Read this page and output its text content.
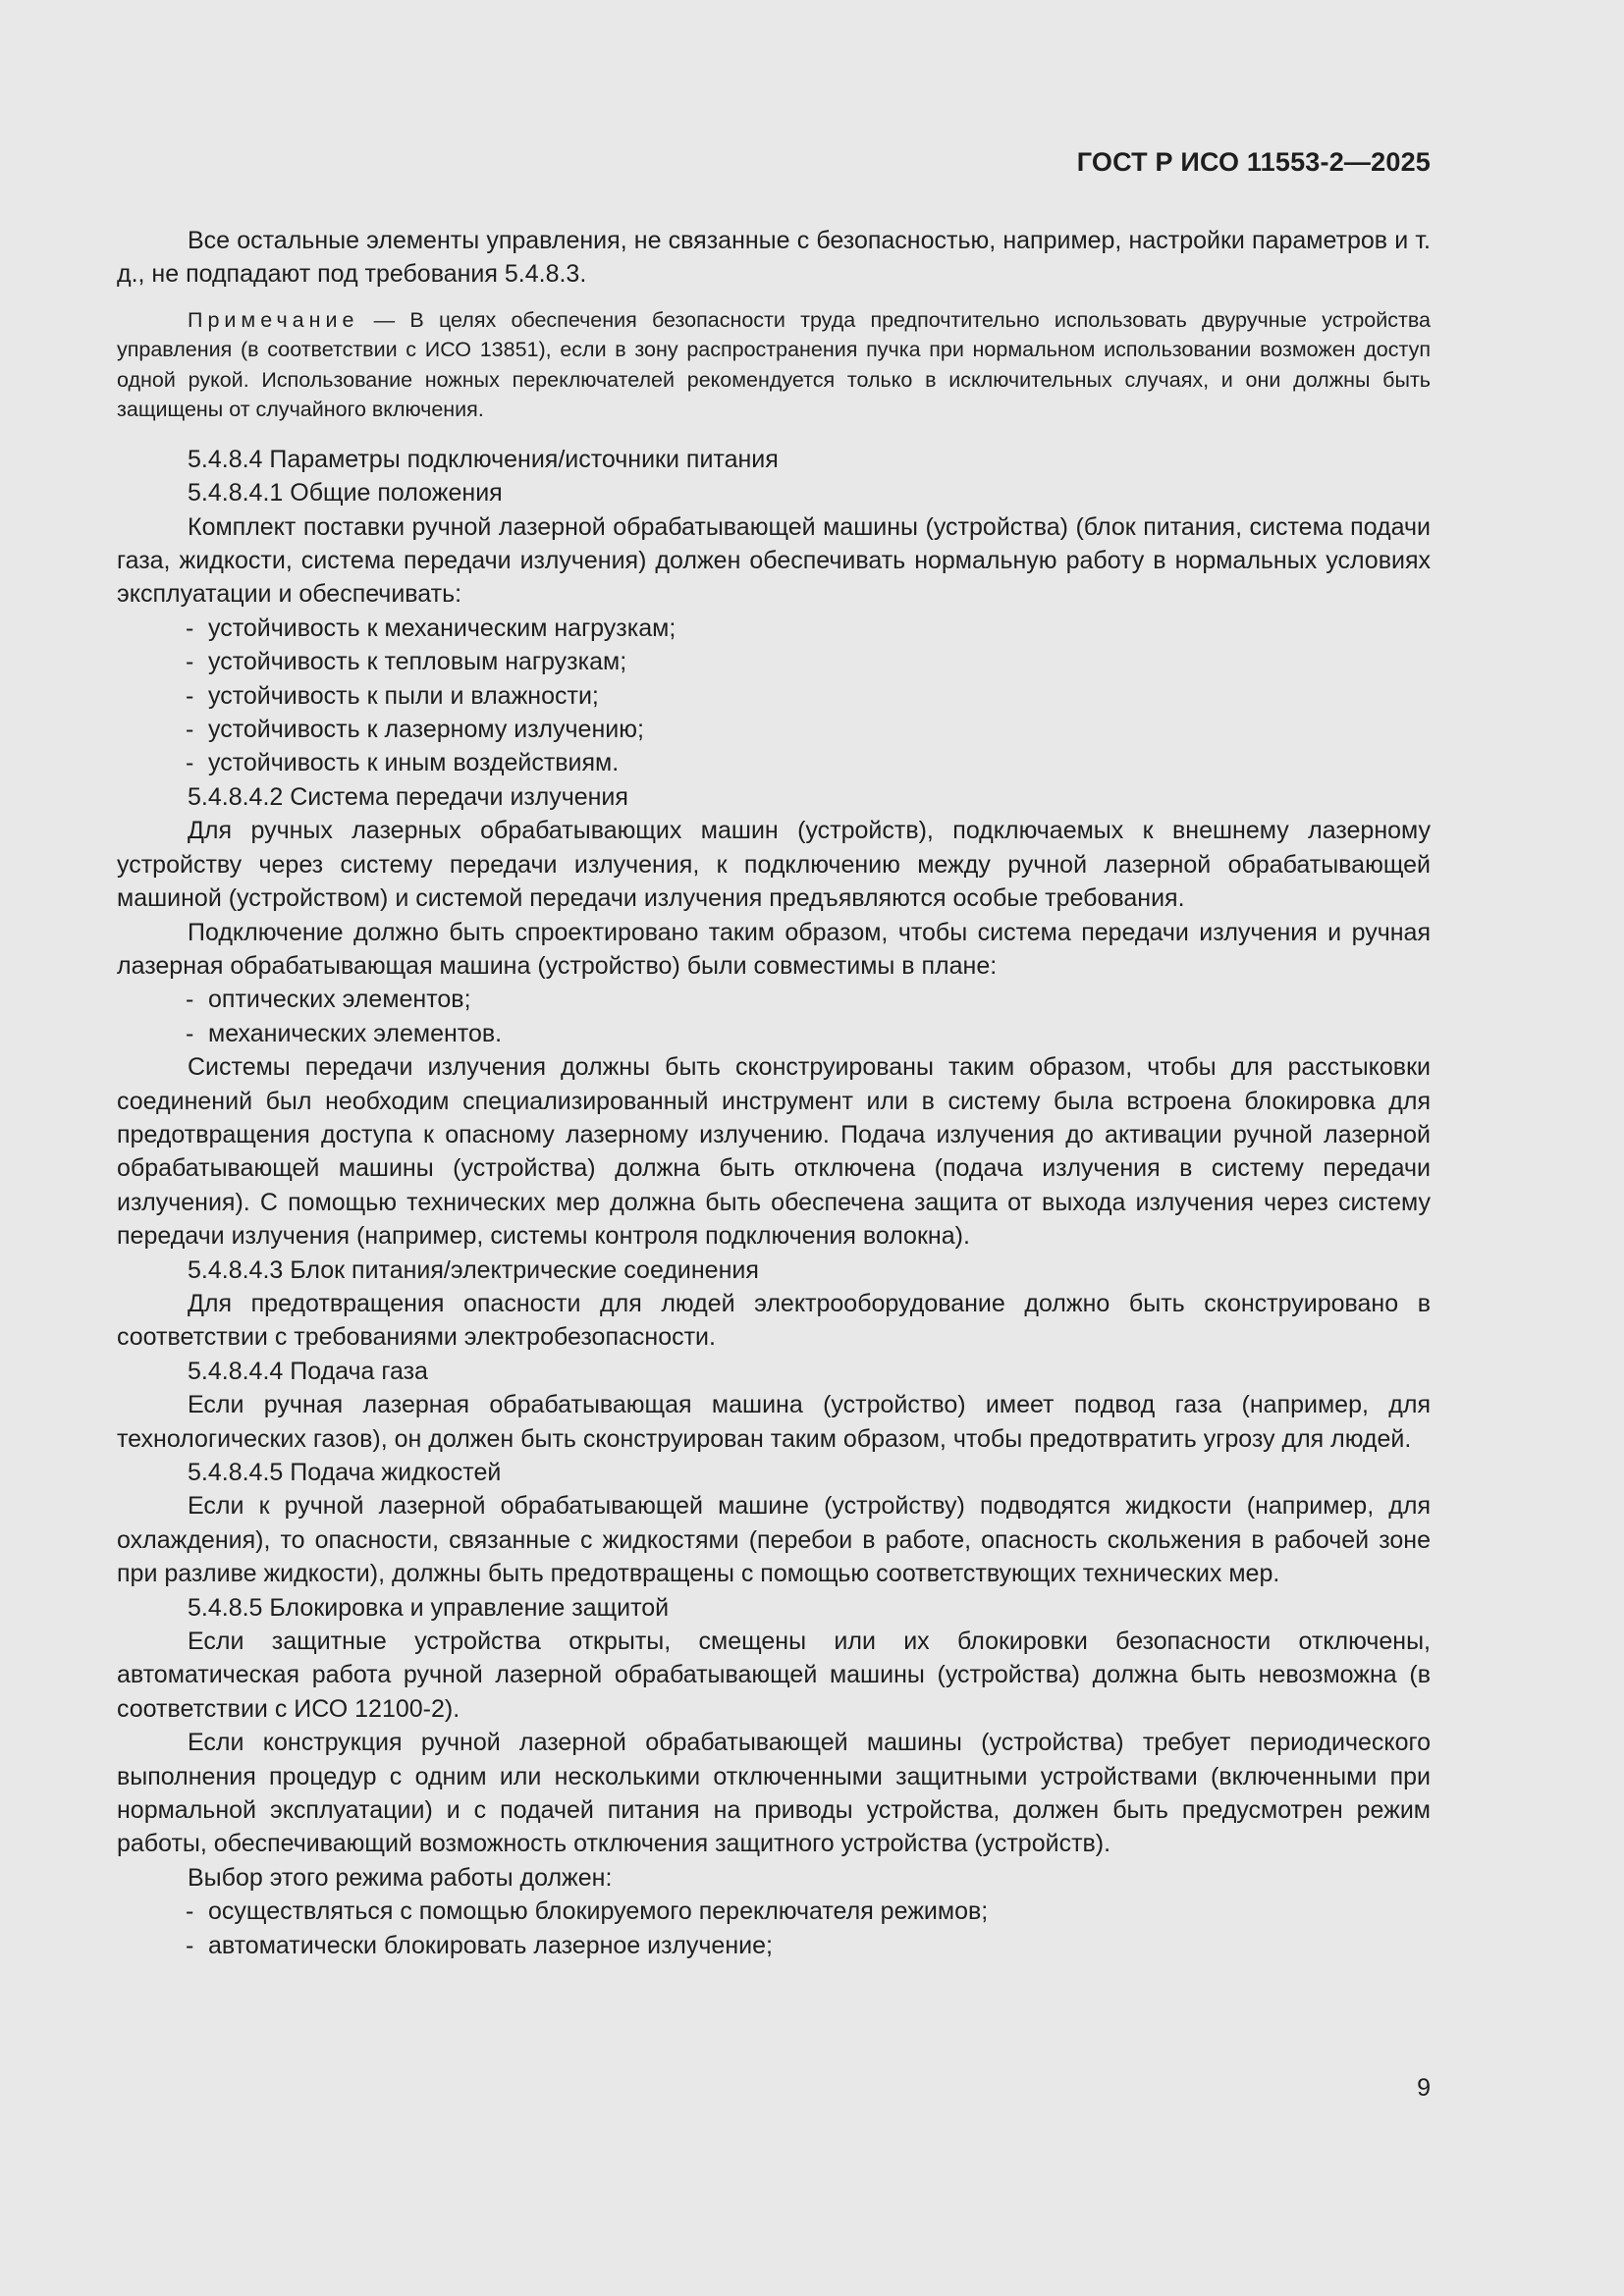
ГОСТ Р ИСО 11553-2—2025

Все остальные элементы управления, не связанные с безопасностью, например, настройки параметров и т. д., не подпадают под требования 5.4.8.3.

Примечание — В целях обеспечения безопасности труда предпочтительно использовать двуручные устройства управления (в соответствии с ИСО 13851), если в зону распространения пучка при нормальном использовании возможен доступ одной рукой. Использование ножных переключателей рекомендуется только в исключительных случаях, и они должны быть защищены от случайного включения.

5.4.8.4 Параметры подключения/источники питания

5.4.8.4.1 Общие положения

Комплект поставки ручной лазерной обрабатывающей машины (устройства) (блок питания, система подачи газа, жидкости, система передачи излучения) должен обеспечивать нормальную работу в нормальных условиях эксплуатации и обеспечивать:

- устойчивость к механическим нагрузкам;

- устойчивость к тепловым нагрузкам;

- устойчивость к пыли и влажности;

- устойчивость к лазерному излучению;

- устойчивость к иным воздействиям.

5.4.8.4.2 Система передачи излучения

Для ручных лазерных обрабатывающих машин (устройств), подключаемых к внешнему лазерному устройству через систему передачи излучения, к подключению между ручной лазерной обрабатывающей машиной (устройством) и системой передачи излучения предъявляются особые требования.

Подключение должно быть спроектировано таким образом, чтобы система передачи излучения и ручная лазерная обрабатывающая машина (устройство) были совместимы в плане:

- оптических элементов;

- механических элементов.

Системы передачи излучения должны быть сконструированы таким образом, чтобы для расстыковки соединений был необходим специализированный инструмент или в систему была встроена блокировка для предотвращения доступа к опасному лазерному излучению. Подача излучения до активации ручной лазерной обрабатывающей машины (устройства) должна быть отключена (подача излучения в систему передачи излучения). С помощью технических мер должна быть обеспечена защита от выхода излучения через систему передачи излучения (например, системы контроля подключения волокна).

5.4.8.4.3 Блок питания/электрические соединения

Для предотвращения опасности для людей электрооборудование должно быть сконструировано в соответствии с требованиями электробезопасности.

5.4.8.4.4 Подача газа

Если ручная лазерная обрабатывающая машина (устройство) имеет подвод газа (например, для технологических газов), он должен быть сконструирован таким образом, чтобы предотвратить угрозу для людей.

5.4.8.4.5 Подача жидкостей

Если к ручной лазерной обрабатывающей машине (устройству) подводятся жидкости (например, для охлаждения), то опасности, связанные с жидкостями (перебои в работе, опасность скольжения в рабочей зоне при разливе жидкости), должны быть предотвращены с помощью соответствующих технических мер.

5.4.8.5 Блокировка и управление защитой

Если защитные устройства открыты, смещены или их блокировки безопасности отключены, автоматическая работа ручной лазерной обрабатывающей машины (устройства) должна быть невозможна (в соответствии с ИСО 12100-2).

Если конструкция ручной лазерной обрабатывающей машины (устройства) требует периодического выполнения процедур с одним или несколькими отключенными защитными устройствами (включенными при нормальной эксплуатации) и с подачей питания на приводы устройства, должен быть предусмотрен режим работы, обеспечивающий возможность отключения защитного устройства (устройств).

Выбор этого режима работы должен:

- осуществляться с помощью блокируемого переключателя режимов;

- автоматически блокировать лазерное излучение;

9
